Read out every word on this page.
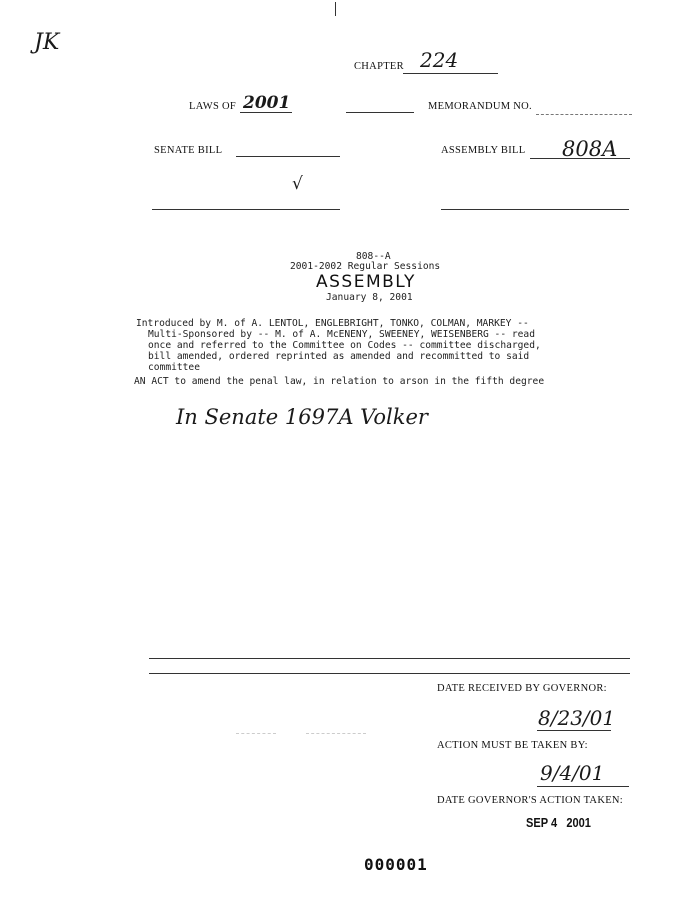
JK
CHAPTER 224
LAWS OF 2001	MEMORANDUM NO.
SENATE BILL	ASSEMBLY BILL 808A
√
808--A
2001-2002 Regular Sessions
ASSEMBLY
January 8, 2001
Introduced by M. of A. LENTOL, ENGLEBRIGHT, TONKO, COLMAN, MARKEY --
Multi-Sponsored by -- M. of A. McENENY, SWEENEY, WEISENBERG -- read
once and referred to the Committee on Codes -- committee discharged,
bill amended, ordered reprinted as amended and recommitted to said
committee
AN ACT to amend the penal law, in relation to arson in the fifth degree
In Senate 1697A Volker
DATE RECEIVED BY GOVERNOR:
8/23/01
ACTION MUST BE TAKEN BY:
9/4/01
DATE GOVERNOR'S ACTION TAKEN:
SEP 4   2001
000001
